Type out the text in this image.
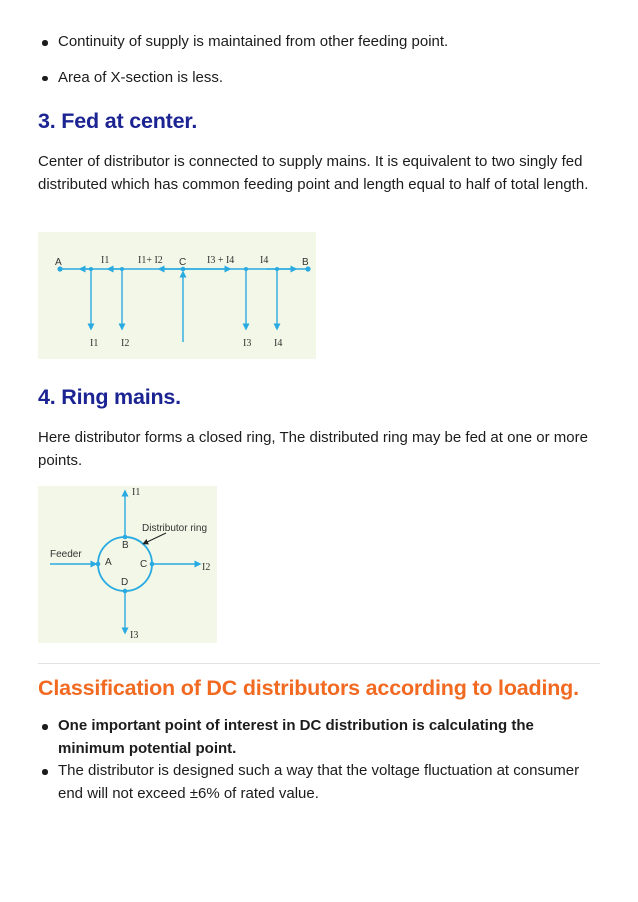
Continuity of supply is maintained from other feeding point.
Area of X-section is less.
3. Fed at center.

Center of distributor is connected to supply mains. It is equivalent to two singly fed distributed which has common feeding point and length equal to half of total length.

A	C	B
I1	I1+ I2	I3 + I4	I4
I1 I2	I3 I4
4. Ring mains.

Here distributor forms a closed ring, The distributed ring may be fed at one or more points.

Feeder
Distributor ring
A
B
C
D
I1
I2
I3
Classification of DC distributors according to loading.
One important point of interest in DC distribution is calculating the minimum potential point.
The distributor is designed such a way that the voltage fluctuation at consumer end will not exceed ±6% of rated value.
